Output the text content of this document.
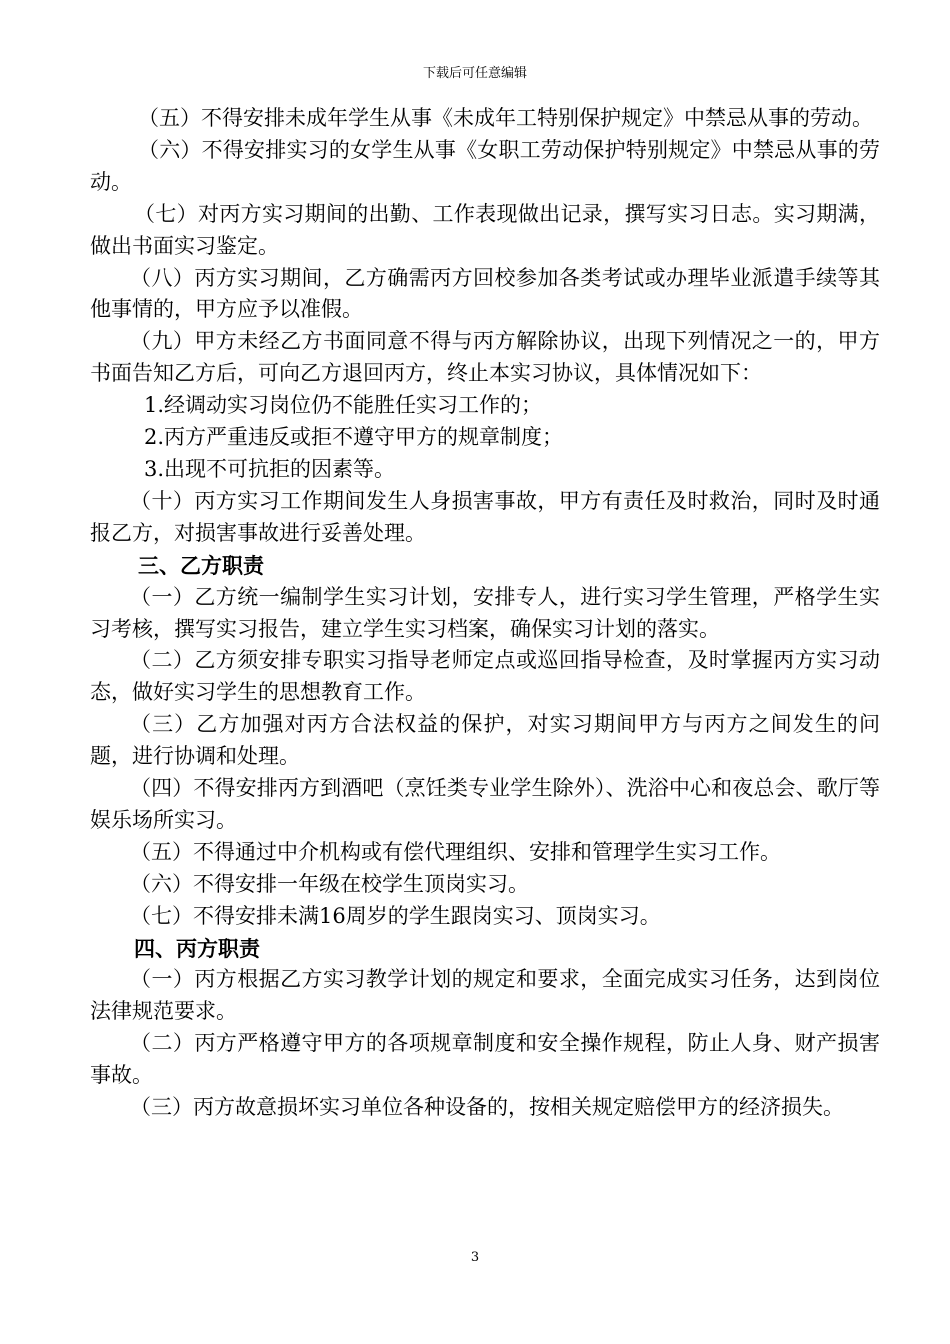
下载后可任意编辑

（五）不得安排未成年学生从事《未成年工特别保护规定》中禁忌从事的劳动。

（六）不得安排实习的女学生从事《女职工劳动保护特别规定》中禁忌从事的劳动。

（七）对丙方实习期间的出勤、工作表现做出记录，撰写实习日志。实习期满，做出书面实习鉴定。

（八）丙方实习期间，乙方确需丙方回校参加各类考试或办理毕业派遣手续等其他事情的，甲方应予以准假。

（九）甲方未经乙方书面同意不得与丙方解除协议，出现下列情况之一的，甲方书面告知乙方后，可向乙方退回丙方，终止本实习协议，具体情况如下：

1.经调动实习岗位仍不能胜任实习工作的；

2.丙方严重违反或拒不遵守甲方的规章制度；

3.出现不可抗拒的因素等。

（十）丙方实习工作期间发生人身损害事故，甲方有责任及时救治，同时及时通报乙方，对损害事故进行妥善处理。

三、乙方职责

（一）乙方统一编制学生实习计划，安排专人，进行实习学生管理，严格学生实习考核，撰写实习报告，建立学生实习档案，确保实习计划的落实。

（二）乙方须安排专职实习指导老师定点或巡回指导检查，及时掌握丙方实习动态，做好实习学生的思想教育工作。

（三）乙方加强对丙方合法权益的保护，对实习期间甲方与丙方之间发生的问题，进行协调和处理。

（四）不得安排丙方到酒吧（烹饪类专业学生除外）、洗浴中心和夜总会、歌厅等娱乐场所实习。

（五）不得通过中介机构或有偿代理组织、安排和管理学生实习工作。

（六）不得安排一年级在校学生顶岗实习。

（七）不得安排未满16周岁的学生跟岗实习、顶岗实习。

四、丙方职责

（一）丙方根据乙方实习教学计划的规定和要求，全面完成实习任务，达到岗位法律规范要求。

（二）丙方严格遵守甲方的各项规章制度和安全操作规程，防止人身、财产损害事故。

（三）丙方故意损坏实习单位各种设备的，按相关规定赔偿甲方的经济损失。

3
